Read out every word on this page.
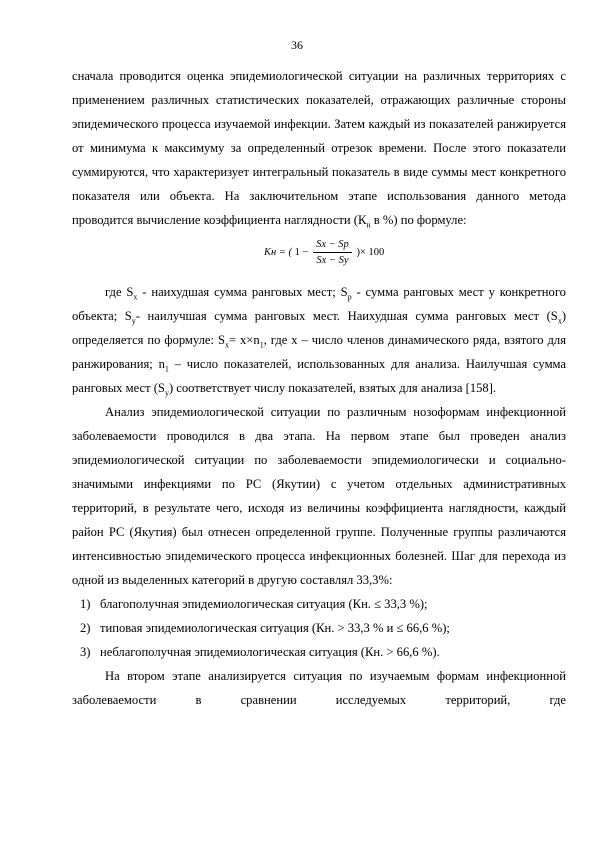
36

сначала проводится оценка эпидемиологической ситуации на различных территориях с применением различных статистических показателей, отражающих различные стороны эпидемического процесса изучаемой инфекции. Затем каждый из показателей ранжируется от минимума к максимуму за определенный отрезок времени. После этого показатели суммируются, что характеризует интегральный показатель в виде суммы мест конкретного показателя или объекта. На заключительном этапе использования данного метода проводится вычисление коэффициента наглядности ($К_н$ в %) по формуле:

Кн = ( $1 - \frac{Sx - Sp}{Sx - Sy}$ )× 100

где $S_x$ - наихудшая сумма ранговых мест; $S_p$ - сумма ранговых мест у конкретного объекта; $S_y-$ наилучшая сумма ранговых мест. Наихудшая сумма ранговых мест $(S_x)$ определяется по формуле: $S_x= x\times n_1$, где x – число членов динамического ряда, взятого для ранжирования; $n_1$ – число показателей, использованных для анализа. Наилучшая сумма ранговых мест $(S_y)$ соответствует числу показателей, взятых для анализа [158].

Анализ эпидемиологической ситуации по различным нозоформам инфекционной заболеваемости проводился в два этапа. На первом этапе был проведен анализ эпидемиологической ситуации по заболеваемости эпидемиологически и социально-значимыми инфекциями по РС (Якутии) с учетом отдельных административных территорий, в результате чего, исходя из величины коэффициента наглядности, каждый район РС (Якутия) был отнесен определенной группе. Полученные группы различаются интенсивностью эпидемического процесса инфекционных болезней. Шаг для перехода из одной из выделенных категорий в другую составлял 33,3%:

1) благополучная эпидемиологическая ситуация (Кн. ≤ 33,3 %);

2) типовая эпидемиологическая ситуация (Кн. > 33,3 % и ≤ 66,6 %);

3) неблагополучная эпидемиологическая ситуация (Кн. > 66,6 %).

На втором этапе анализируется ситуация по изучаемым формам инфекционной заболеваемости в сравнении исследуемых территорий, где
